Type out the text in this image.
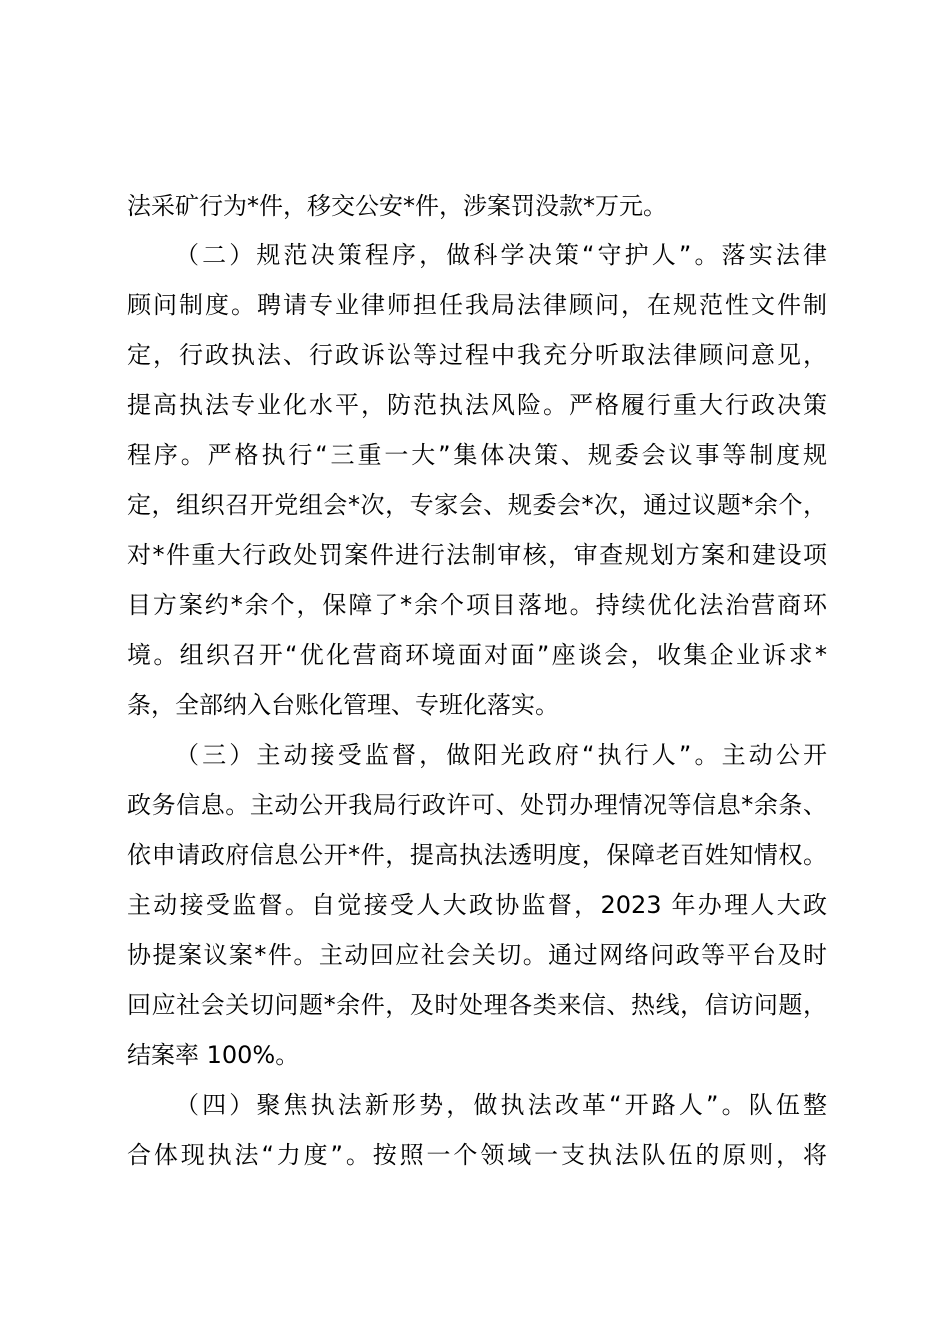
法采矿行为*件，移交公安*件，涉案罚没款*万元。
（二）规范决策程序，做科学决策“守护人”。落实法律
顾问制度。聘请专业律师担任我局法律顾问，在规范性文件制
定，行政执法、行政诉讼等过程中我充分听取法律顾问意见，
提高执法专业化水平，防范执法风险。严格履行重大行政决策
程序。严格执行“三重一大”集体决策、规委会议事等制度规
定，组织召开党组会*次，专家会、规委会*次，通过议题*余个，
对*件重大行政处罚案件进行法制审核，审查规划方案和建设项
目方案约*余个，保障了*余个项目落地。持续优化法治营商环
境。组织召开“优化营商环境面对面”座谈会，收集企业诉求*
条，全部纳入台账化管理、专班化落实。
（三）主动接受监督，做阳光政府“执行人”。主动公开
政务信息。主动公开我局行政许可、处罚办理情况等信息*余条、
依申请政府信息公开*件，提高执法透明度，保障老百姓知情权。
主动接受监督。自觉接受人大政协监督，2023 年办理人大政
协提案议案*件。主动回应社会关切。通过网络问政等平台及时
回应社会关切问题*余件，及时处理各类来信、热线，信访问题，
结案率 100%。
（四）聚焦执法新形势，做执法改革“开路人”。队伍整
合体现执法“力度”。按照一个领域一支执法队伍的原则，将
